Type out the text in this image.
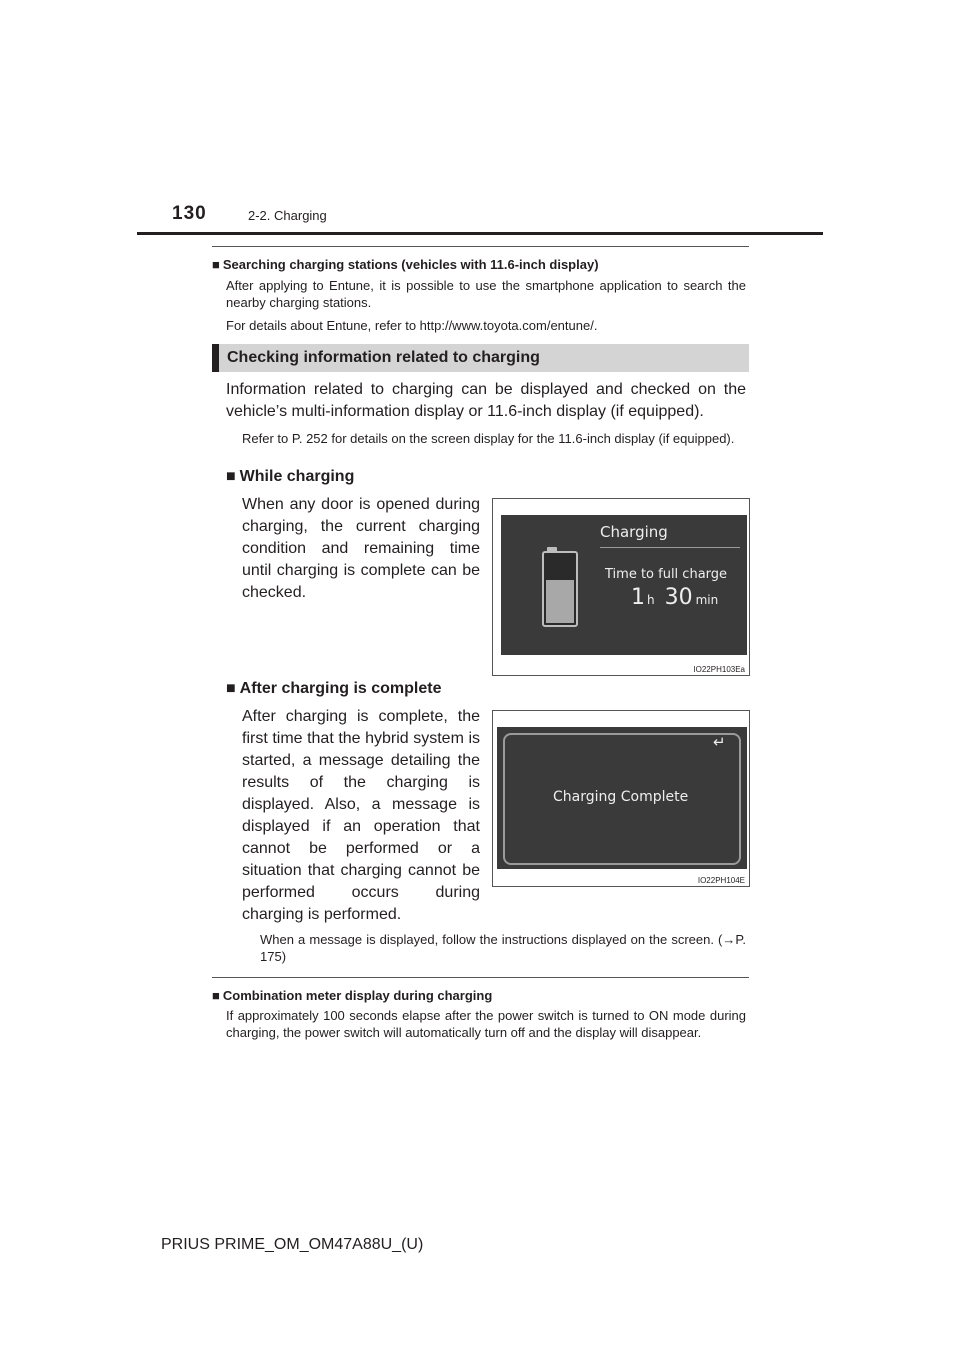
130	2-2. Charging
■ Searching charging stations (vehicles with 11.6-inch display)
After applying to Entune, it is possible to use the smartphone application to search the nearby charging stations.
For details about Entune, refer to http://www.toyota.com/entune/.
Checking information related to charging
Information related to charging can be displayed and checked on the vehicle’s multi-information display or 11.6-inch display (if equipped).
Refer to P. 252 for details on the screen display for the 11.6-inch display (if equipped).
■ While charging
When any door is opened during charging, the current charging condition and remaining time until charging is complete can be checked.
Charging
Time to full charge
1 h 30 min
IO22PH103Ea
■ After charging is complete
After charging is complete, the first time that the hybrid system is started, a message detailing the results of the charging is displayed. Also, a message is displayed if an operation that cannot be performed or a situation that charging cannot be performed occurs during charging is performed.
↵
Charging Complete
IO22PH104E
When a message is displayed, follow the instructions displayed on the screen. (→P. 175)
■ Combination meter display during charging
If approximately 100 seconds elapse after the power switch is turned to ON mode during charging, the power switch will automatically turn off and the display will disappear.
PRIUS PRIME_OM_OM47A88U_(U)
